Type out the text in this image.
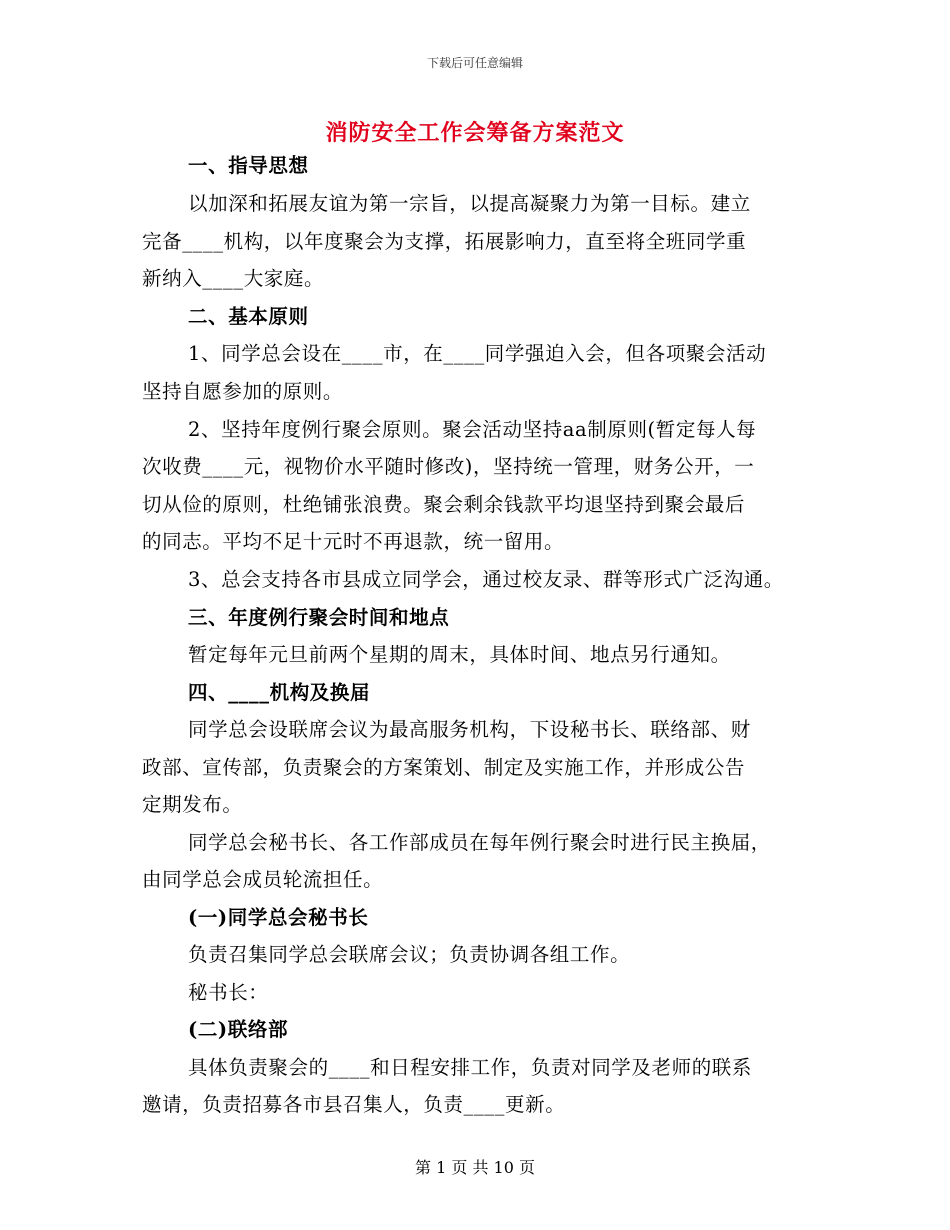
下载后可任意编辑
消防安全工作会筹备方案范文
一、指导思想
以加深和拓展友谊为第一宗旨，以提高凝聚力为第一目标。建立
完备____机构，以年度聚会为支撑，拓展影响力，直至将全班同学重
新纳入____大家庭。
二、基本原则
1、同学总会设在____市，在____同学强迫入会，但各项聚会活动
坚持自愿参加的原则。
2、坚持年度例行聚会原则。聚会活动坚持aa制原则(暂定每人每
次收费____元，视物价水平随时修改)，坚持统一管理，财务公开，一
切从俭的原则，杜绝铺张浪费。聚会剩余钱款平均退坚持到聚会最后
的同志。平均不足十元时不再退款，统一留用。
3、总会支持各市县成立同学会，通过校友录、群等形式广泛沟通。
三、年度例行聚会时间和地点
暂定每年元旦前两个星期的周末，具体时间、地点另行通知。
四、____机构及换届
同学总会设联席会议为最高服务机构，下设秘书长、联络部、财
政部、宣传部，负责聚会的方案策划、制定及实施工作，并形成公告
定期发布。
同学总会秘书长、各工作部成员在每年例行聚会时进行民主换届，
由同学总会成员轮流担任。
(一)同学总会秘书长
负责召集同学总会联席会议；负责协调各组工作。
秘书长：
(二)联络部
具体负责聚会的____和日程安排工作，负责对同学及老师的联系
邀请，负责招募各市县召集人，负责____更新。
第 1 页 共 10 页
